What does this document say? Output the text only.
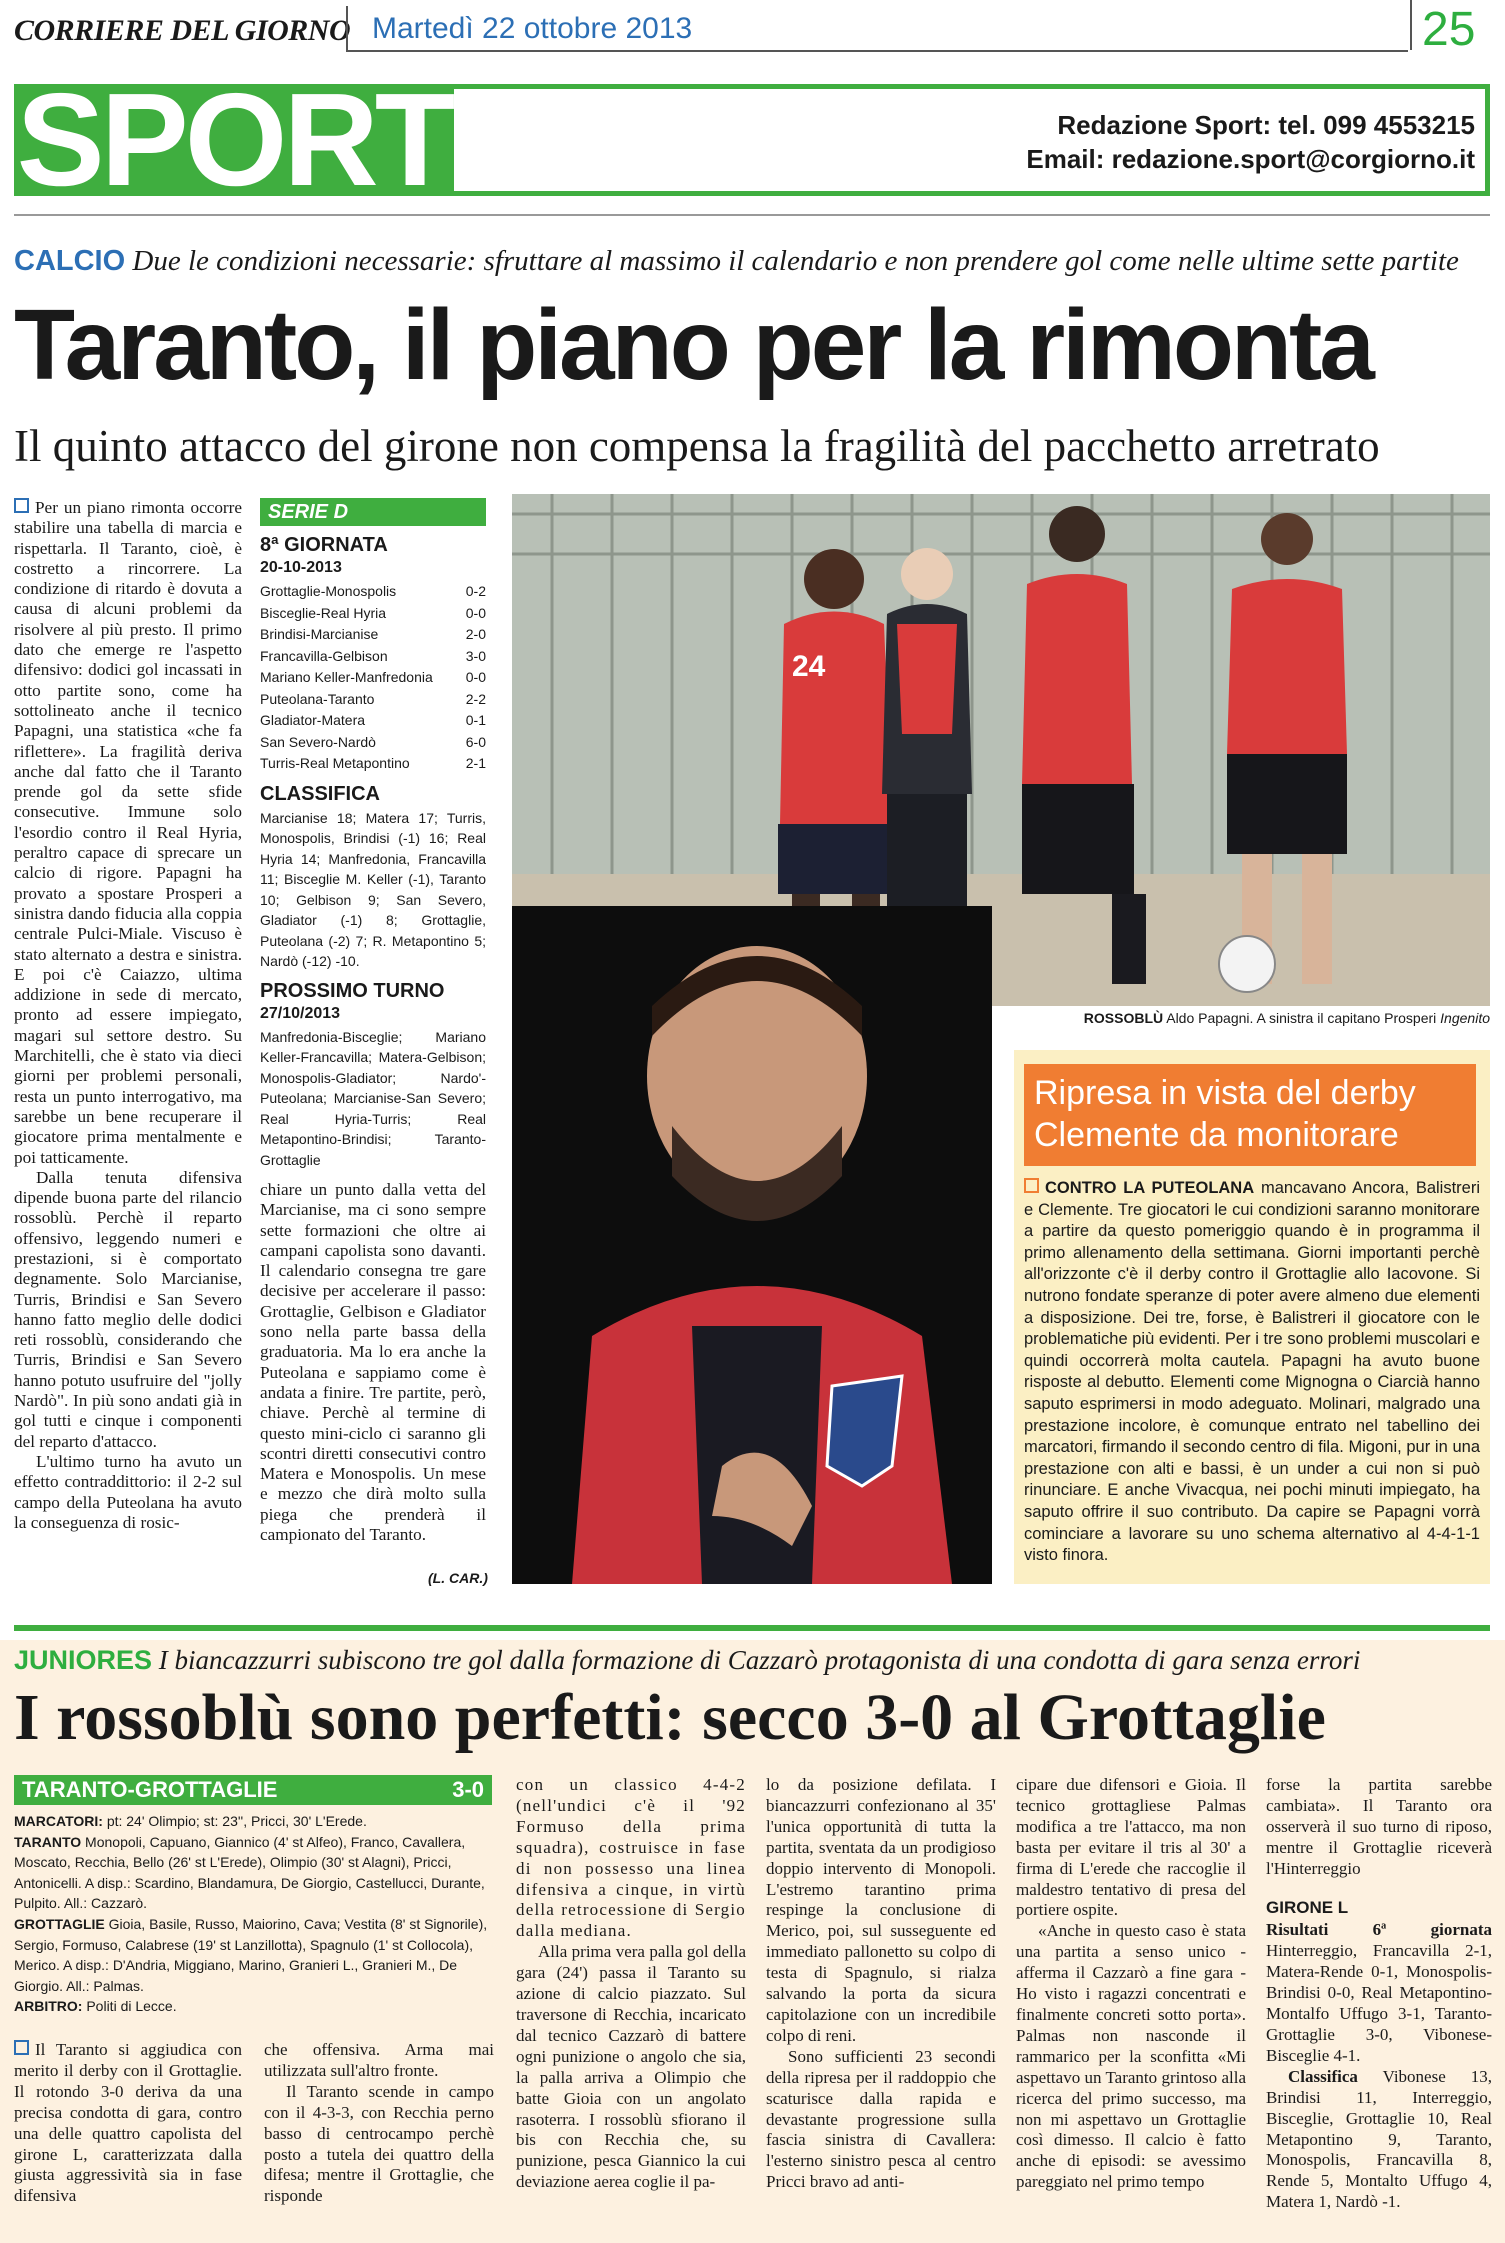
CORRIERE DEL GIORNO Martedì 22 ottobre 2013	25
SPORT	Redazione Sport: tel. 099 4553215
Email: redazione.sport@corgiorno.it
CALCIO Due le condizioni necessarie: sfruttare al massimo il calendario e non prendere gol come nelle ultime sette partite
Taranto, il piano per la rimonta
Il quinto attacco del girone non compensa la fragilità del pacchetto arretrato

Per un piano rimonta occorre stabilire una tabella di marcia e rispettarla. Il Taranto, cioè, è costretto a rincorrere. La condizione di ritardo è dovuta a causa di alcuni problemi da risolvere al più presto. Il primo dato che emerge re l'aspetto difensivo: dodici gol incassati in otto partite sono, come ha sottolineato anche il tecnico Papagni, una statistica «che fa riflettere». La fragilità deriva anche dal fatto che il Taranto prende gol da sette sfide consecutive. Immune solo l'esordio contro il Real Hyria, peraltro capace di sprecare un calcio di rigore. Papagni ha provato a spostare Prosperi a sinistra dando fiducia alla coppia centrale Pulci-Miale. Viscuso è stato alternato a destra e sinistra. E poi c'è Caiazzo, ultima addizione in sede di mercato, pronto ad essere impiegato, magari sul settore destro. Su Marchitelli, che è stato via dieci giorni per problemi personali, resta un punto interrogativo, ma sarebbe un bene recuperare il giocatore prima mentalmente e poi tatticamente.

Dalla tenuta difensiva dipende buona parte del rilancio rossoblù. Perchè il reparto offensivo, leggendo numeri e prestazioni, si è comportato degnamente. Solo Marcianise, Turris, Brindisi e San Severo hanno fatto meglio delle dodici reti rossoblù, considerando che Turris, Brindisi e San Severo hanno potuto usufruire del "jolly Nardò". In più sono andati già in gol tutti e cinque i componenti del reparto d'attacco.

L'ultimo turno ha avuto un effetto contraddittorio: il 2-2 sul campo della Puteolana ha avuto la conseguenza di rosic-

SERIE D
8ª GIORNATA
20-10-2013
Grottaglie-Monospolis	0-2
Bisceglie-Real Hyria	0-0
Brindisi-Marcianise	2-0
Francavilla-Gelbison	3-0
Mariano Keller-Manfredonia	0-0
Puteolana-Taranto	2-2
Gladiator-Matera	0-1
San Severo-Nardò	6-0
Turris-Real Metapontino	2-1
CLASSIFICA
Marcianise 18; Matera 17; Turris, Monospolis, Brindisi (-1) 16; Real Hyria 14; Manfredonia, Francavilla 11; Bisceglie M. Keller (-1), Taranto 10; Gelbison 9; San Severo, Gladiator (-1) 8; Grottaglie, Puteolana (-2) 7; R. Metapontino 5; Nardò (-12) -10.
PROSSIMO TURNO
27/10/2013
Manfredonia-Bisceglie; Mariano Keller-Francavilla; Matera-Gelbison; Monospolis-Gladiator; Nardo'-Puteolana; Marcianise-San Severo; Real Hyria-Turris; Real Metapontino-Brindisi; Taranto-Grottaglie

chiare un punto dalla vetta del Marcianise, ma ci sono sempre sette formazioni che oltre ai campani capolista sono davanti. Il calendario consegna tre gare decisive per accelerare il passo: Grottaglie, Gelbison e Gladiator sono nella parte bassa della graduatoria. Ma lo era anche la Puteolana e sappiamo come è andata a finire. Tre partite, però, chiave. Perchè al termine di questo mini-ciclo ci saranno gli scontri diretti consecutivi contro Matera e Monospolis. Un mese e mezzo che dirà molto sulla piega che prenderà il campionato del Taranto.

(L. CAR.)
24
ROSSOBLÙ Aldo Papagni. A sinistra il capitano Prosperi Ingenito
Ripresa in vista del derby
Clemente da monitorare
CONTRO LA PUTEOLANA mancavano Ancora, Balistreri e Clemente. Tre giocatori le cui condizioni saranno monitorare a partire da questo pomeriggio quando è in programma il primo allenamento della settimana. Giorni importanti perchè all'orizzonte c'è il derby contro il Grottaglie allo Iacovone. Si nutrono fondate speranze di poter avere almeno due elementi a disposizione. Dei tre, forse, è Balistreri il giocatore con le problematiche più evidenti. Per i tre sono problemi muscolari e quindi occorrerà molta cautela. Papagni ha avuto buone risposte al debutto. Elementi come Mignogna o Ciarcià hanno saputo esprimersi in modo adeguato. Molinari, malgrado una prestazione incolore, è comunque entrato nel tabellino dei marcatori, firmando il secondo centro di fila. Migoni, pur in una prestazione con alti e bassi, è un under a cui non si può rinunciare. E anche Vivacqua, nei pochi minuti impiegato, ha saputo offrire il suo contributo. Da capire se Papagni vorrà cominciare a lavorare su uno schema alternativo al 4-4-1-1 visto finora.
JUNIORES I biancazzurri subiscono tre gol dalla formazione di Cazzarò protagonista di una condotta di gara senza errori
I rossoblù sono perfetti: secco 3-0 al Grottaglie
TARANTO-GROTTAGLIE	3-0
MARCATORI: pt: 24' Olimpio; st: 23'', Pricci, 30' L'Erede.
TARANTO Monopoli, Capuano, Giannico (4' st Alfeo), Franco, Cavallera, Moscato, Recchia, Bello (26' st L'Erede), Olimpio (30' st Alagni), Pricci, Antonicelli. A disp.: Scardino, Blandamura, De Giorgio, Castellucci, Durante, Pulpito. All.: Cazzarò.
GROTTAGLIE Gioia, Basile, Russo, Maiorino, Cava; Vestita (8' st Signorile), Sergio, Formuso, Calabrese (19' st Lanzillotta), Spagnulo (1' st Collocola), Merico. A disp.: D'Andria, Miggiano, Marino, Granieri L., Granieri M., De Giorgio. All.: Palmas.
ARBITRO: Politi di Lecce.

Il Taranto si aggiudica con merito il derby con il Grottaglie. Il rotondo 3-0 deriva da una precisa condotta di gara, contro una delle quattro capolista del girone L, caratterizzata dalla giusta aggressività sia in fase difensiva

che offensiva. Arma mai utilizzata sull'altro fronte.

Il Taranto scende in campo con il 4-3-3, con Recchia perno basso di centrocampo perchè posto a tutela dei quattro della difesa; mentre il Grottaglie, che risponde

con un classico 4-4-2 (nell'undici c'è il '92 Formuso della prima squadra), costruisce in fase di non possesso una linea difensiva a cinque, in virtù della retrocessione di Sergio dalla mediana.

Alla prima vera palla gol della gara (24') passa il Taranto su azione di calcio piazzato. Sul traversone di Recchia, incaricato dal tecnico Cazzarò di battere ogni punizione o angolo che sia, la palla arriva a Olimpio che batte Gioia con un angolato rasoterra. I rossoblù sfiorano il bis con Recchia che, su punizione, pesca Giannico la cui deviazione aerea coglie il pa-

lo da posizione defilata. I biancazzurri confezionano al 35' l'unica opportunità di tutta la partita, sventata da un prodigioso doppio intervento di Monopoli. L'estremo tarantino prima respinge la conclusione di Merico, poi, sul susseguente ed immediato pallonetto su colpo di testa di Spagnulo, si rialza salvando la porta da sicura capitolazione con un incredibile colpo di reni.

Sono sufficienti 23 secondi della ripresa per il raddoppio che scaturisce dalla rapida e devastante progressione sulla fascia sinistra di Cavallera: l'esterno sinistro pesca al centro Pricci bravo ad anti-

cipare due difensori e Gioia. Il tecnico grottagliese Palmas modifica a tre l'attacco, ma non basta per evitare il tris al 30' a firma di L'erede che raccoglie il maldestro tentativo di presa del portiere ospite.

«Anche in questo caso è stata una partita a senso unico - afferma il Cazzarò a fine gara - Ho visto i ragazzi concentrati e finalmente concreti sotto porta». Palmas non nasconde il rammarico per la sconfitta «Mi aspettavo un Taranto grintoso alla ricerca del primo successo, ma non mi aspettavo un Grottaglie così dimesso. Il calcio è fatto anche di episodi: se avessimo pareggiato nel primo tempo

forse la partita sarebbe cambiata». Il Taranto ora osserverà il suo turno di riposo, mentre il Grottaglie riceverà l'Hinterreggio

GIRONE L

Risultati 6ª giornata Hinterreggio, Francavilla 2-1, Matera-Rende 0-1, Monospolis-Brindisi 0-0, Real Metapontino-Montalfo Uffugo 3-1, Taranto-Grottaglie 3-0, Vibonese-Bisceglie 4-1.

Classifica Vibonese 13, Brindisi 11, Interreggio, Bisceglie, Grottaglie 10, Real Metapontino 9, Taranto, Monospolis, Francavilla 8, Rende 5, Montalto Uffugo 4, Matera 1, Nardò -1.
